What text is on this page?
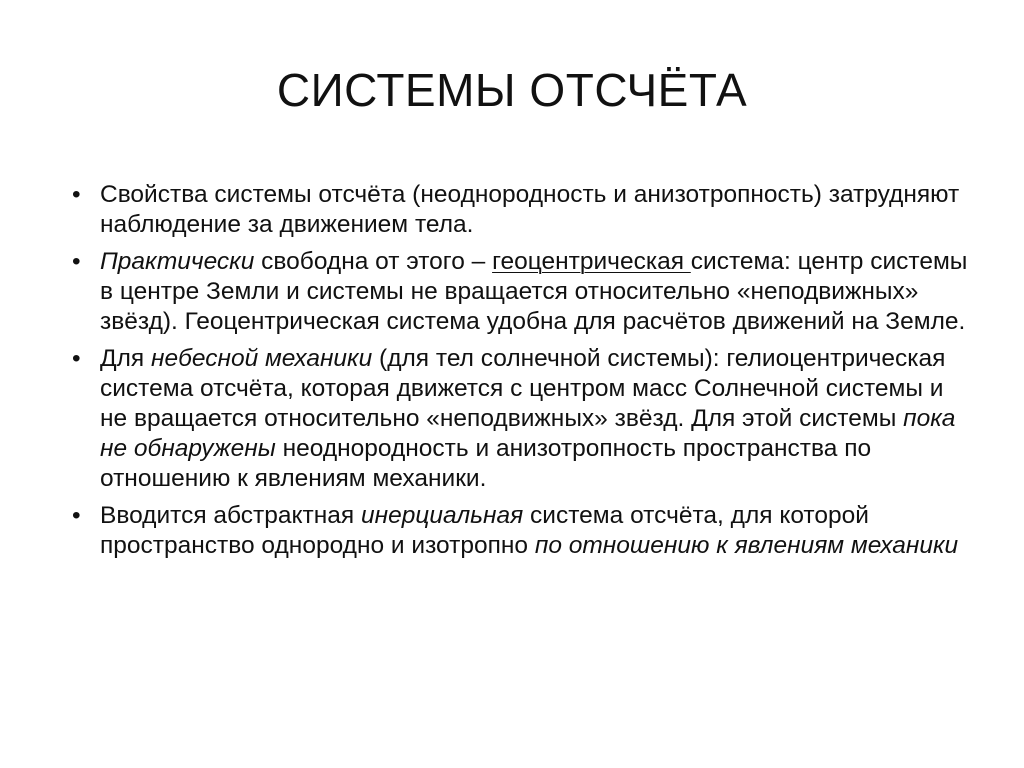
СИСТЕМЫ ОТСЧЁТА
• Свойства системы отсчёта (неоднородность и анизотропность) затрудняют наблюдение за движением тела.
• Практически свободна от этого – геоцентрическая система: центр системы в центре Земли и системы не вращается относительно «неподвижных» звёзд). Геоцентрическая система удобна для расчётов движений на Земле.
• Для небесной механики (для тел солнечной системы): гелиоцентрическая система отсчёта, которая движется с центром масс Солнечной системы и не вращается относительно «неподвижных» звёзд. Для этой системы пока не обнаружены неоднородность и анизотропность пространства по отношению к явлениям механики.
• Вводится абстрактная инерциальная система отсчёта, для которой пространство однородно и изотропно по отношению к явлениям механики
